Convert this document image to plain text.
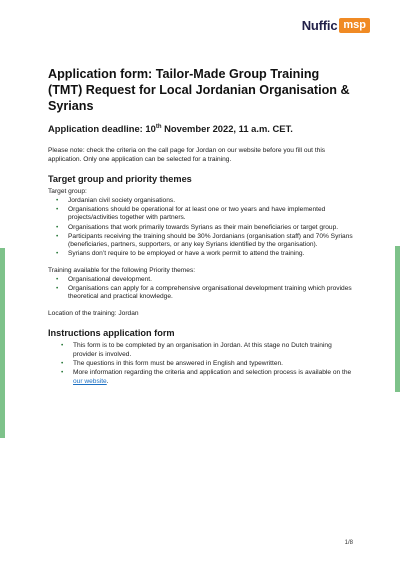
Nuffic msp
Application form: Tailor-Made Group Training (TMT) Request for Local Jordanian Organisation & Syrians
Application deadline: 10th November 2022, 11 a.m. CET.

Please note: check the criteria on the call page for Jordan on our website before you fill out this application. Only one application can be selected for a training.

Target group and priority themes

Target group:

• Jordanian civil society organisations.
• Organisations should be operational for at least one or two years and have implemented projects/activities together with partners.
• Organisations that work primarily towards Syrians as their main beneficiaries or target group.
• Participants receiving the training should be 30% Jordanians (organisation staff) and 70% Syrians (beneficiaries, partners, supporters, or any key Syrians identified by the organisation).
• Syrians don’t require to be employed or have a work permit to attend the training.

Training available for the following Priority themes:

• Organisational development.
• Organisations can apply for a comprehensive organisational development training which provides theoretical and practical knowledge.

Location of the training: Jordan

Instructions application form
• This form is to be completed by an organisation in Jordan. At this stage no Dutch training provider is involved.
• The questions in this form must be answered in English and typewritten.
• More information regarding the criteria and application and selection process is available on the our website.
1/8
